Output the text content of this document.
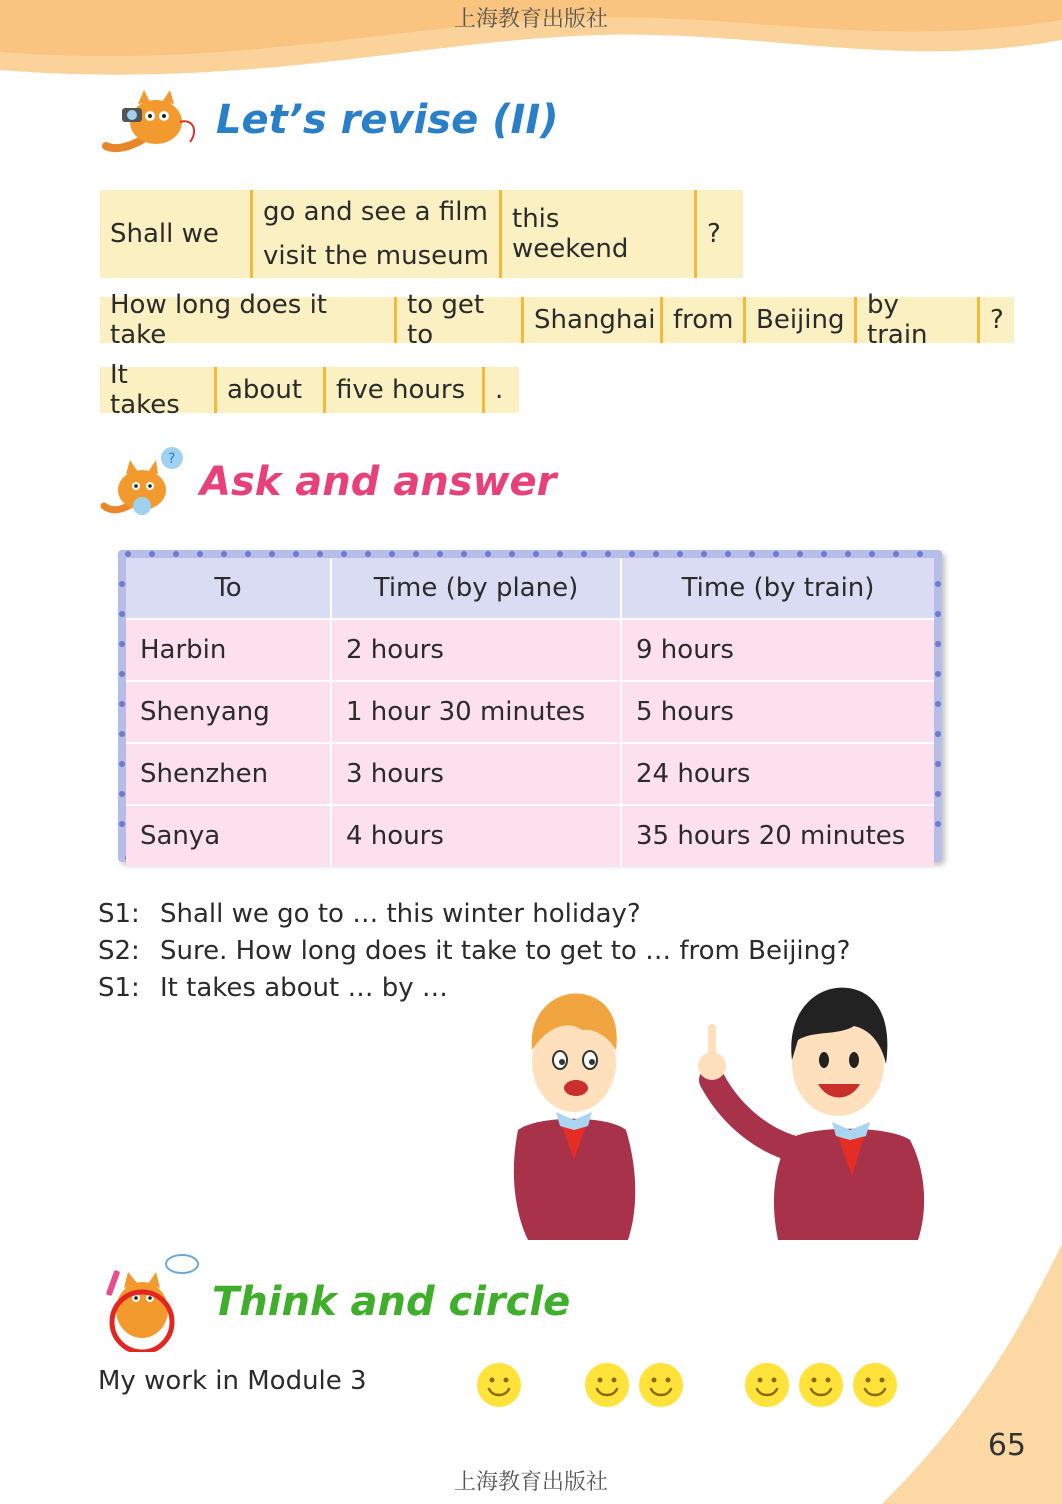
上海教育出版社
Let’s revise (II)
Shall we
go and see a film
visit the museum
this weekend	?
How long does it take
to get to	Shanghai from Beijing by train	?
It takes	about	five hours	.
? Ask and answer
To	Time (by plane)	Time (by train)
Harbin	2 hours	9 hours
Shenyang	1 hour 30 minutes	5 hours
Shenzhen	3 hours	24 hours
Sanya	4 hours	35 hours 20 minutes
S1: Shall we go to … this winter holiday?
S2: Sure. How long does it take to get to … from Beijing?
S1: It takes about … by …
Think and circle
My work in Module 3
65
上海教育出版社
